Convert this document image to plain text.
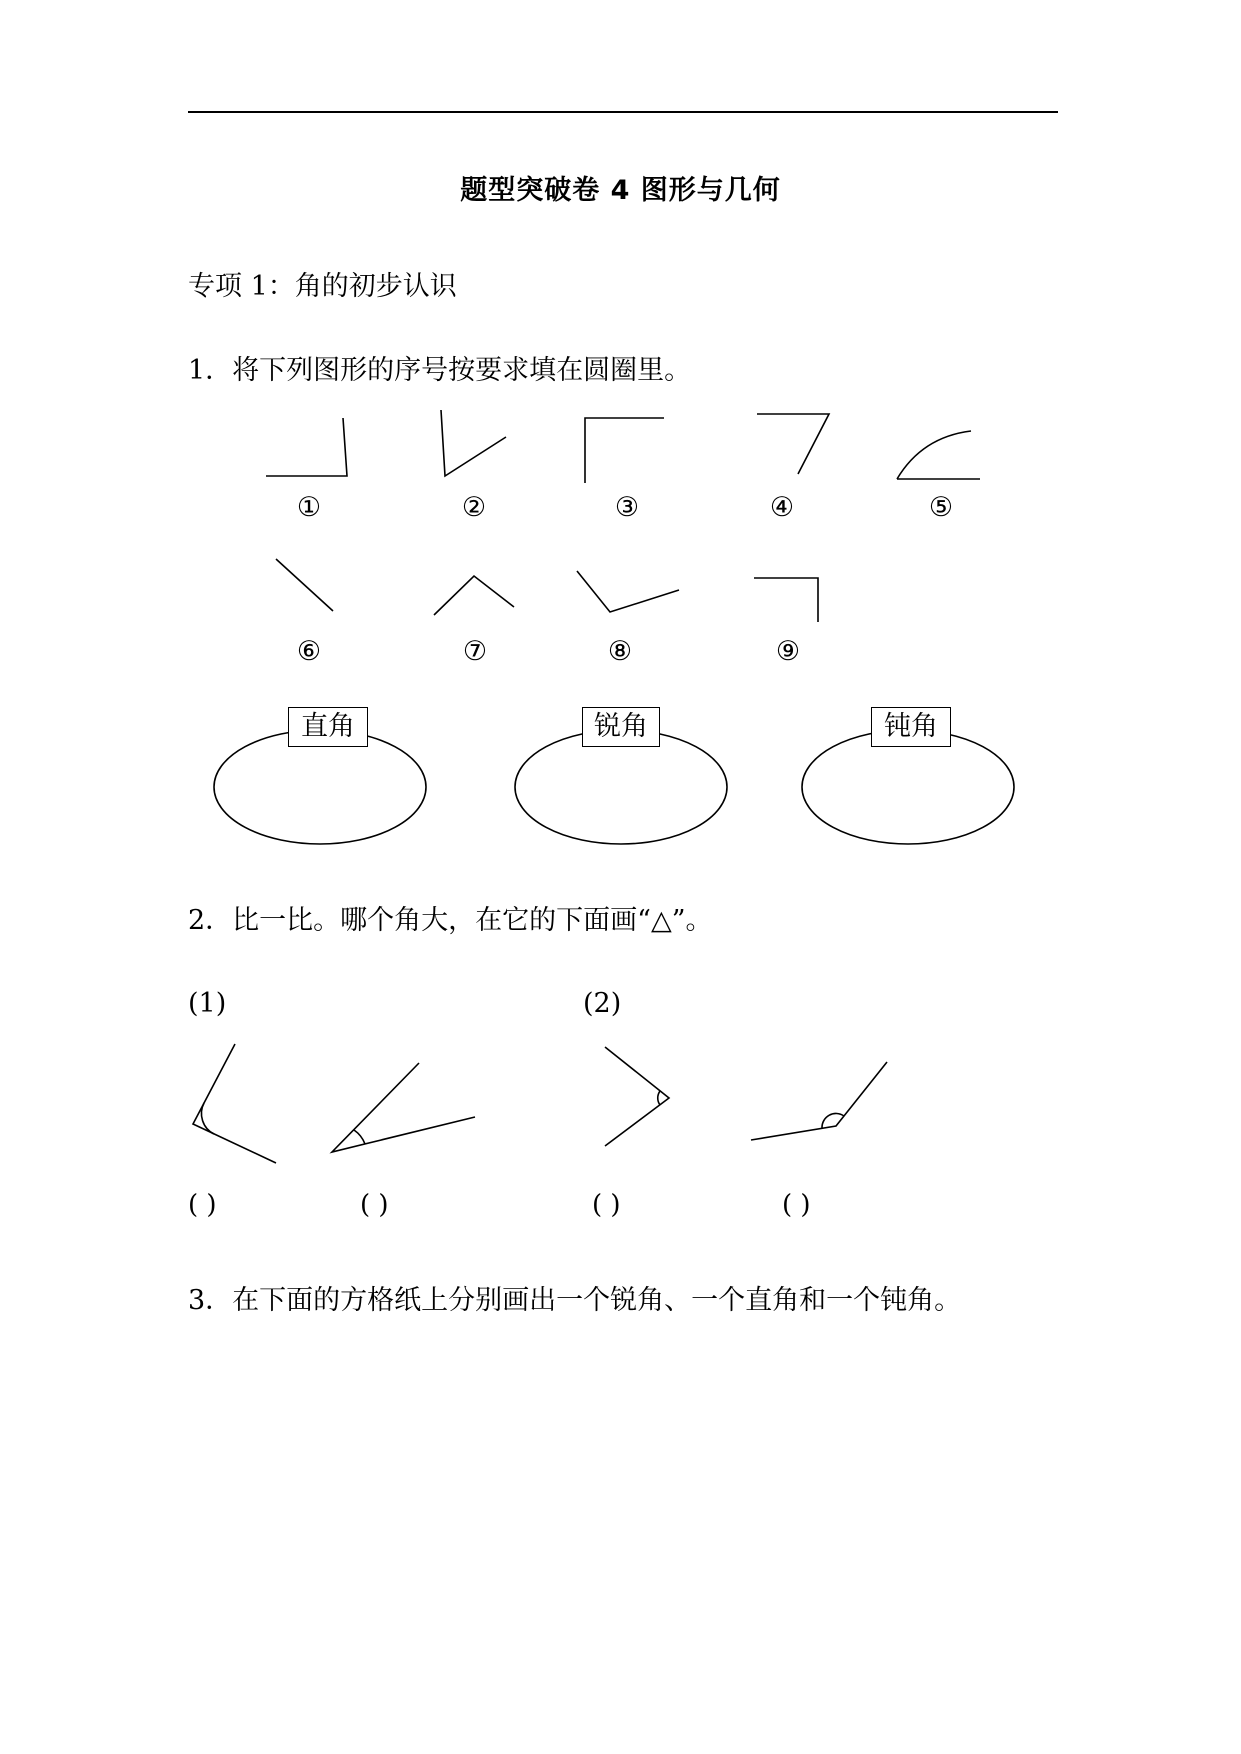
题型突破卷 4 图形与几何
专项 1：角的初步认识
1．将下列图形的序号按要求填在圆圈里。
①	②	③	④	⑤
⑥	⑦	⑧	⑨
直角	锐角	钝角
2．比一比。哪个角大，在它的下面画“△”。
(1)	(2)
( )	( )	( )	( )
3．在下面的方格纸上分别画出一个锐角、一个直角和一个钝角。
